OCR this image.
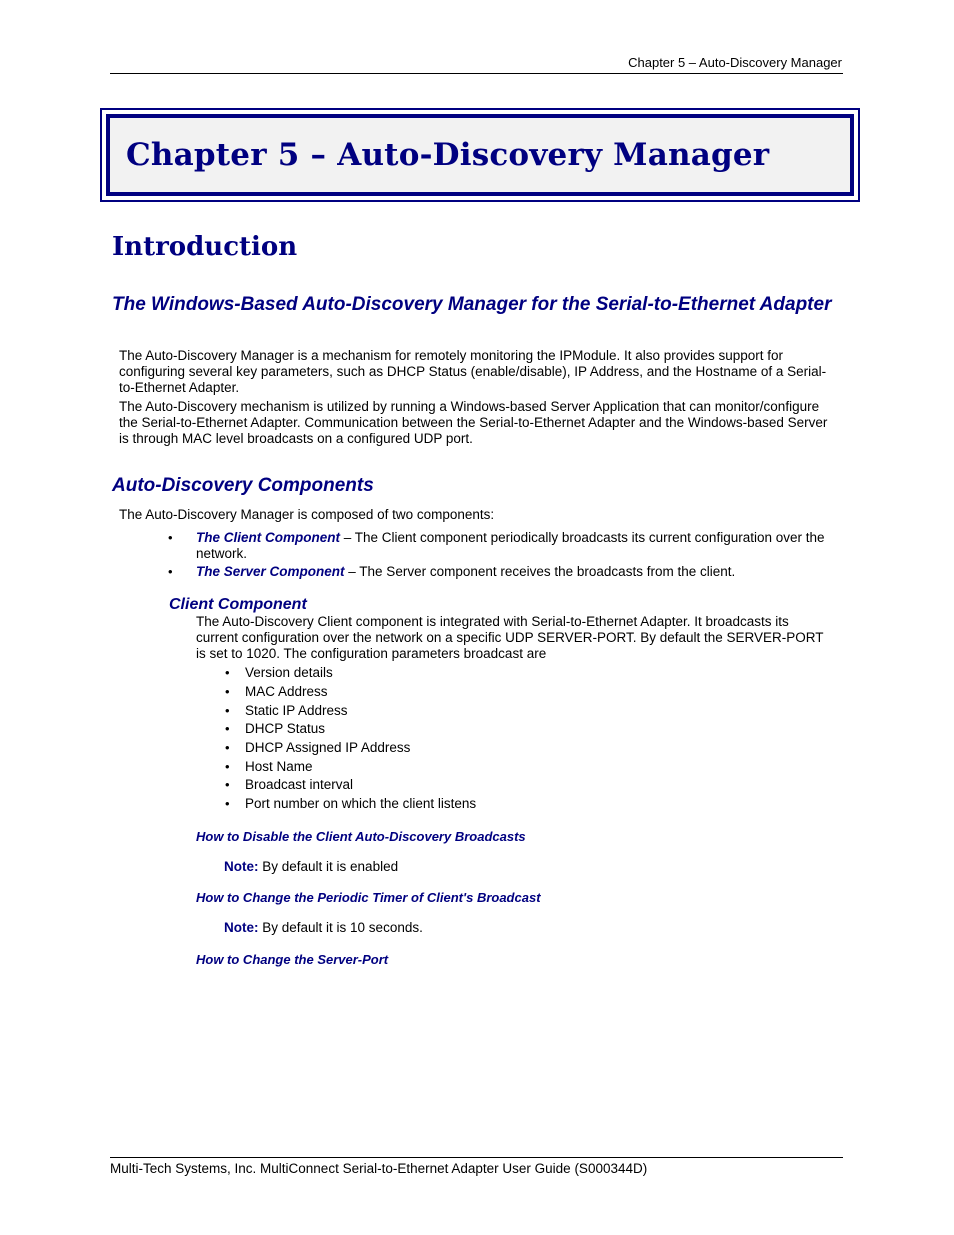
Chapter 5 – Auto-Discovery Manager
Chapter 5 – Auto-Discovery Manager
Introduction
The Windows-Based Auto-Discovery Manager for the Serial-to-Ethernet Adapter
The Auto-Discovery Manager is a mechanism for remotely monitoring the IPModule. It also provides support for configuring several key parameters, such as DHCP Status (enable/disable), IP Address, and the Hostname of a Serial-to-Ethernet Adapter.
The Auto-Discovery mechanism is utilized by running a Windows-based Server Application that can monitor/configure the Serial-to-Ethernet Adapter. Communication between the Serial-to-Ethernet Adapter and the Windows-based Server is through MAC level broadcasts on a configured UDP port.
Auto-Discovery Components
The Auto-Discovery Manager is composed of two components:
•	The Client Component – The Client component periodically broadcasts its current configuration over the network.
•	The Server Component – The Server component receives the broadcasts from the client.
Client Component
The Auto-Discovery Client component is integrated with Serial-to-Ethernet Adapter. It broadcasts its current configuration over the network on a specific UDP SERVER-PORT. By default the SERVER-PORT is set to 1020. The configuration parameters broadcast are
•	Version details
•	MAC Address
•	Static IP Address
•	DHCP Status
•	DHCP Assigned IP Address
•	Host Name
•	Broadcast interval
•	Port number on which the client listens
How to Disable the Client Auto-Discovery Broadcasts
Note: By default it is enabled
How to Change the Periodic Timer of Client's Broadcast
Note: By default it is 10 seconds.
How to Change the Server-Port
Multi-Tech Systems, Inc. MultiConnect Serial-to-Ethernet Adapter User Guide (S000344D)
